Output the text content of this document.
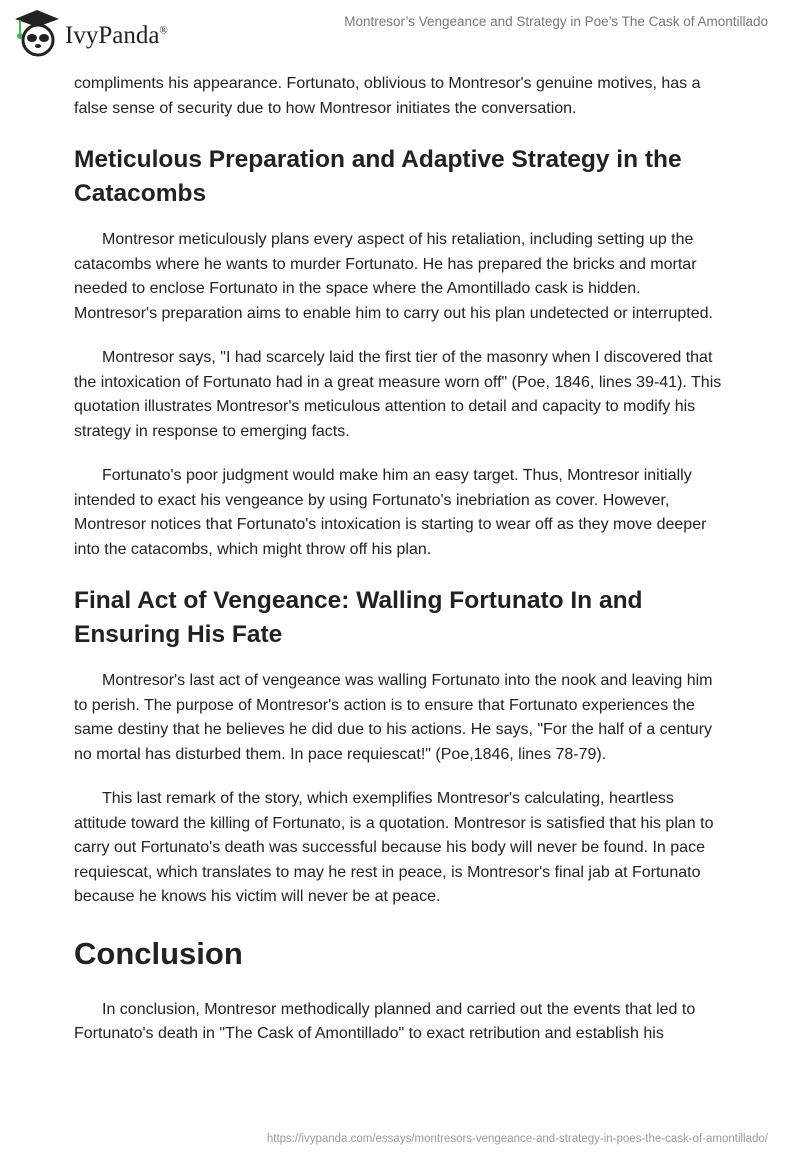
IvyPanda®
Montresor’s Vengeance and Strategy in Poe’s The Cask of Amontillado

compliments his appearance. Fortunato, oblivious to Montresor's genuine motives, has a false sense of security due to how Montresor initiates the conversation.

Meticulous Preparation and Adaptive Strategy in the Catacombs

Montresor meticulously plans every aspect of his retaliation, including setting up the catacombs where he wants to murder Fortunato. He has prepared the bricks and mortar needed to enclose Fortunato in the space where the Amontillado cask is hidden. Montresor's preparation aims to enable him to carry out his plan undetected or interrupted.

Montresor says, "I had scarcely laid the first tier of the masonry when I discovered that the intoxication of Fortunato had in a great measure worn off" (Poe, 1846, lines 39-41). This quotation illustrates Montresor's meticulous attention to detail and capacity to modify his strategy in response to emerging facts.

Fortunato's poor judgment would make him an easy target. Thus, Montresor initially intended to exact his vengeance by using Fortunato's inebriation as cover. However, Montresor notices that Fortunato's intoxication is starting to wear off as they move deeper into the catacombs, which might throw off his plan.

Final Act of Vengeance: Walling Fortunato In and Ensuring His Fate

Montresor's last act of vengeance was walling Fortunato into the nook and leaving him to perish. The purpose of Montresor's action is to ensure that Fortunato experiences the same destiny that he believes he did due to his actions. He says, "For the half of a century no mortal has disturbed them. In pace requiescat!" (Poe,1846, lines 78-79).

This last remark of the story, which exemplifies Montresor's calculating, heartless attitude toward the killing of Fortunato, is a quotation. Montresor is satisfied that his plan to carry out Fortunato's death was successful because his body will never be found. In pace requiescat, which translates to may he rest in peace, is Montresor's final jab at Fortunato because he knows his victim will never be at peace.

Conclusion

In conclusion, Montresor methodically planned and carried out the events that led to Fortunato's death in "The Cask of Amontillado" to exact retribution and establish his

https://ivypanda.com/essays/montresors-vengeance-and-strategy-in-poes-the-cask-of-amontillado/
